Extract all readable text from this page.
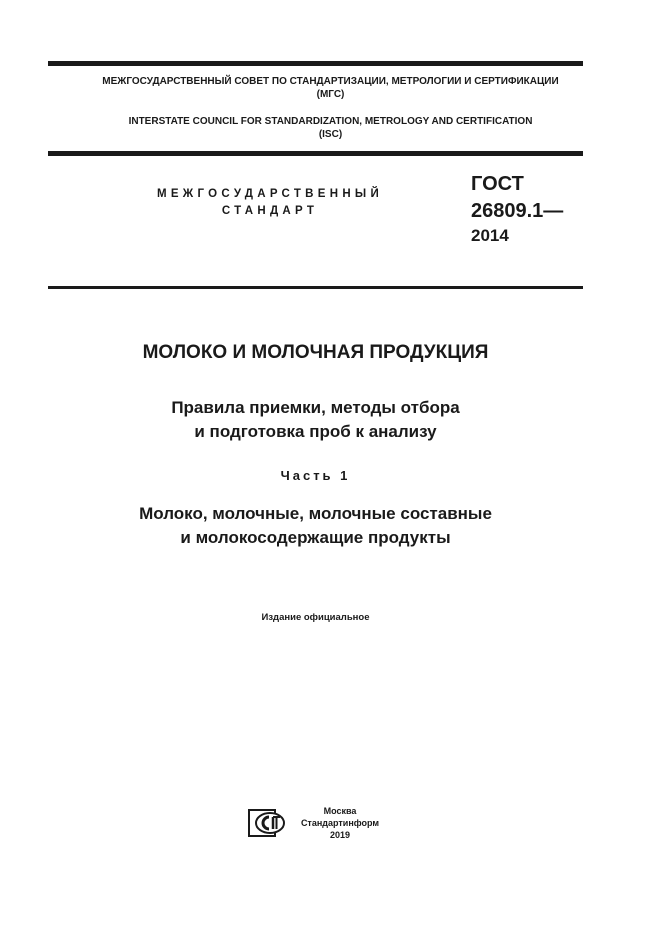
МЕЖГОСУДАРСТВЕННЫЙ СОВЕТ ПО СТАНДАРТИЗАЦИИ, МЕТРОЛОГИИ И СЕРТИФИКАЦИИ
(МГС)
INTERSTATE COUNCIL FOR STANDARDIZATION, METROLOGY AND CERTIFICATION
(ISC)
МЕЖГОСУДАРСТВЕННЫЙ
СТАНДАРТ
ГОСТ
26809.1—
2014
МОЛОКО И МОЛОЧНАЯ ПРОДУКЦИЯ
Правила приемки, методы отбора
и подготовка проб к анализу
Часть 1
Молоко, молочные, молочные составные
и молокосодержащие продукты
Издание официальное
Москва
Стандартинформ
2019
